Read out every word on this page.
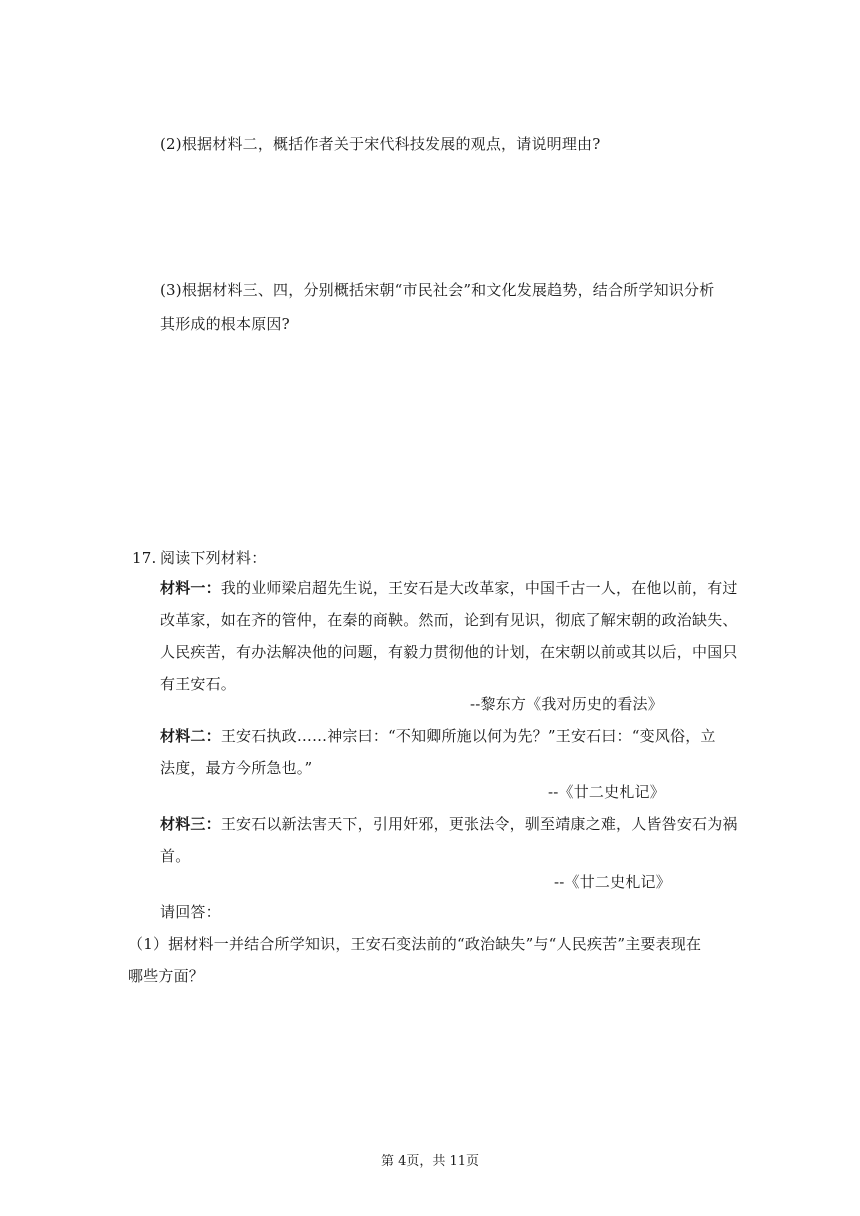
(2)根据材料二，概括作者关于宋代科技发展的观点，请说明理由?
(3)根据材料三、四，分别概括宋朝“市民社会”和文化发展趋势，结合所学知识分析
其形成的根本原因?
17. 阅读下列材料：
材料一：我的业师梁启超先生说，王安石是大改革家，中国千古一人，在他以前，有过
改革家，如在齐的管仲，在秦的商鞅。然而，论到有见识，彻底了解宋朝的政治缺失、
人民疾苦，有办法解决他的问题，有毅力贯彻他的计划，在宋朝以前或其以后，中国只
有王安石。
--黎东方《我对历史的看法》
材料二：王安石执政……神宗曰：“不知卿所施以何为先？”王安石曰：“变风俗，立
法度，最方今所急也。”
--《廿二史札记》
材料三：王安石以新法害天下，引用奸邪，更张法令，驯至靖康之难，人皆咎安石为祸
首。
--《廿二史札记》
请回答：
（1）据材料一并结合所学知识，王安石变法前的“政治缺失”与“人民疾苦”主要表现在
哪些方面？
第 4页，共 11页
